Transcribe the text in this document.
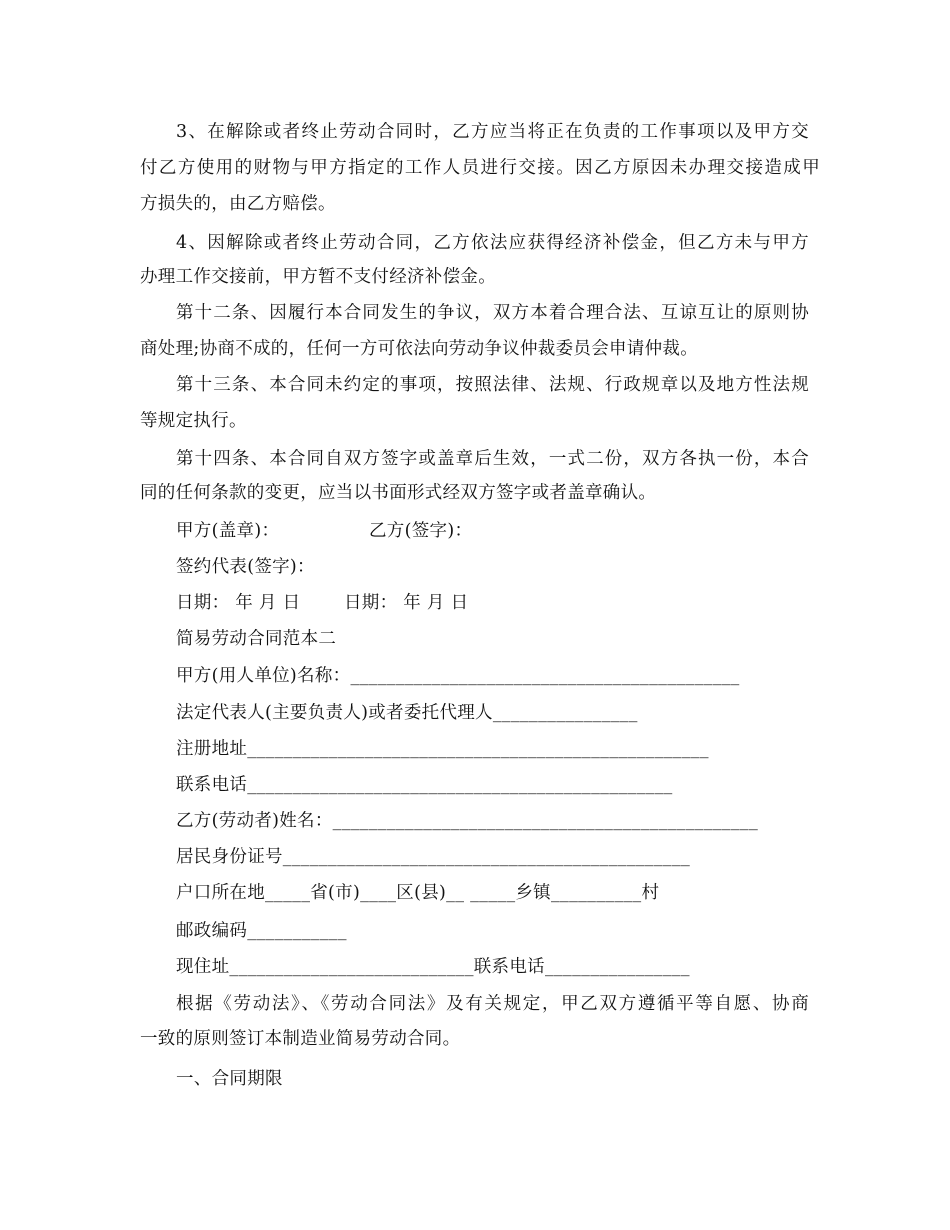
3、在解除或者终止劳动合同时，乙方应当将正在负责的工作事项以及甲方交
付乙方使用的财物与甲方指定的工作人员进行交接。因乙方原因未办理交接造成甲
方损失的，由乙方赔偿。
4、因解除或者终止劳动合同，乙方依法应获得经济补偿金，但乙方未与甲方
办理工作交接前，甲方暂不支付经济补偿金。
第十二条、因履行本合同发生的争议，双方本着合理合法、互谅互让的原则协
商处理;协商不成的，任何一方可依法向劳动争议仲裁委员会申请仲裁。
第十三条、本合同未约定的事项，按照法律、法规、行政规章以及地方性法规
等规定执行。
第十四条、本合同自双方签字或盖章后生效，一式二份，双方各执一份，本合
同的任何条款的变更，应当以书面形式经双方签字或者盖章确认。
甲方(盖章)：	乙方(签字)：
签约代表(签字)：
日期： 年 月 日	日期： 年 月 日
简易劳动合同范本二
甲方(用人单位)名称：___________________________________________
法定代表人(主要负责人)或者委托代理人________________
注册地址___________________________________________________
联系电话_______________________________________________
乙方(劳动者)姓名：_______________________________________________
居民身份证号_____________________________________________
户口所在地_____省(市)____区(县)__ _____乡镇__________村
邮政编码___________
现住址___________________________联系电话________________
根据《劳动法》、《劳动合同法》及有关规定，甲乙双方遵循平等自愿、协商
一致的原则签订本制造业简易劳动合同。
一、合同期限
